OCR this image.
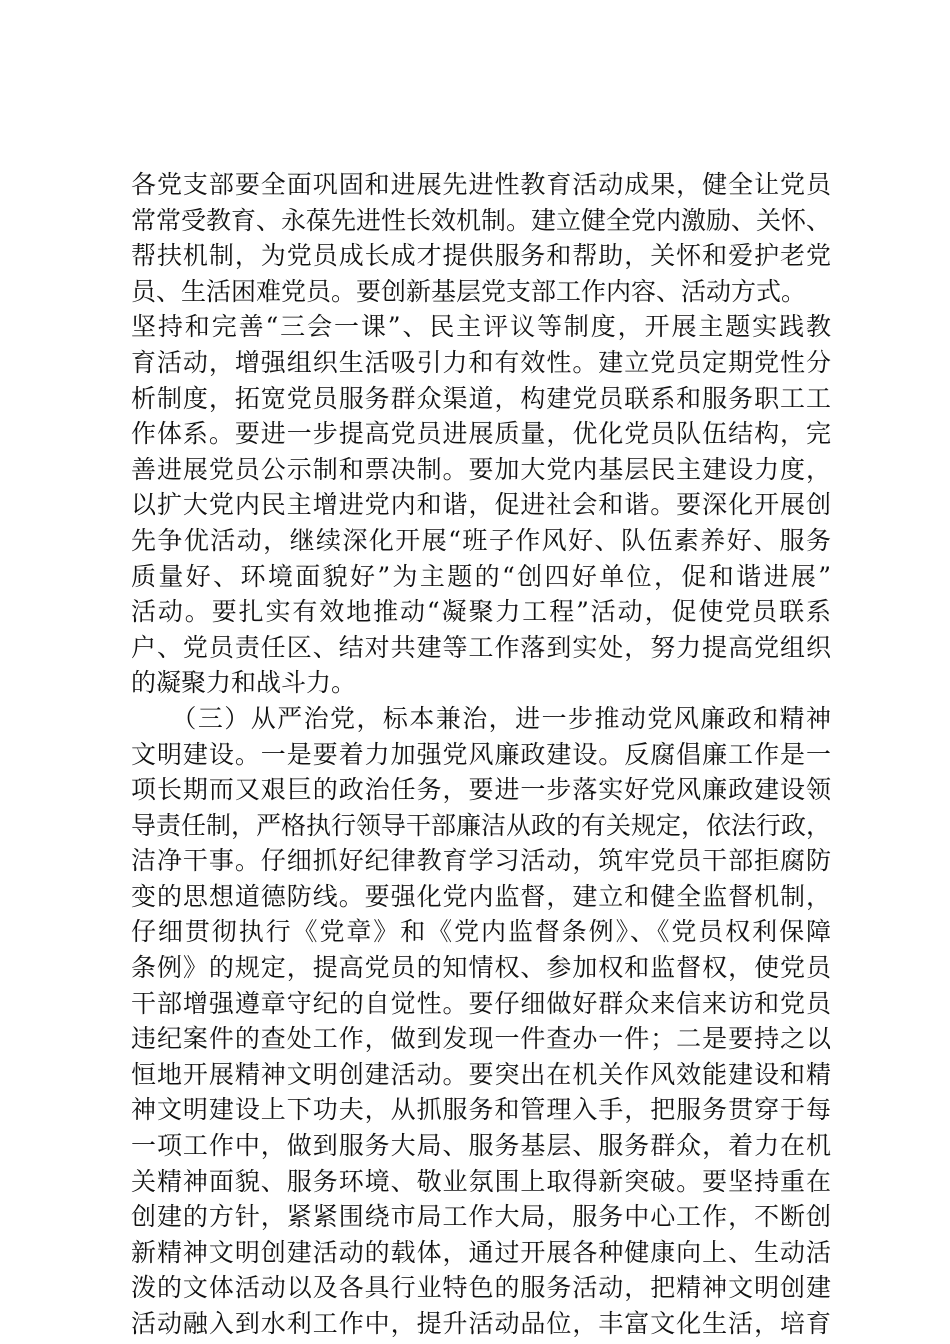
各党支部要全面巩固和进展先进性教育活动成果，健全让党员
常常受教育、永葆先进性长效机制。建立健全党内激励、关怀、
帮扶机制，为党员成长成才提供服务和帮助，关怀和爱护老党
员、生活困难党员。要创新基层党支部工作内容、活动方式。
坚持和完善“三会一课”、民主评议等制度，开展主题实践教
育活动，增强组织生活吸引力和有效性。建立党员定期党性分
析制度，拓宽党员服务群众渠道，构建党员联系和服务职工工
作体系。要进一步提高党员进展质量，优化党员队伍结构，完
善进展党员公示制和票决制。要加大党内基层民主建设力度，
以扩大党内民主增进党内和谐，促进社会和谐。要深化开展创
先争优活动，继续深化开展“班子作风好、队伍素养好、服务
质量好、环境面貌好”为主题的“创四好单位，促和谐进展”
活动。要扎实有效地推动“凝聚力工程”活动，促使党员联系
户、党员责任区、结对共建等工作落到实处，努力提高党组织
的凝聚力和战斗力。
　　（三）从严治党，标本兼治，进一步推动党风廉政和精神
文明建设。一是要着力加强党风廉政建设。反腐倡廉工作是一
项长期而又艰巨的政治任务，要进一步落实好党风廉政建设领
导责任制，严格执行领导干部廉洁从政的有关规定，依法行政，
洁净干事。仔细抓好纪律教育学习活动，筑牢党员干部拒腐防
变的思想道德防线。要强化党内监督，建立和健全监督机制，
仔细贯彻执行《党章》和《党内监督条例》、《党员权利保障
条例》的规定，提高党员的知情权、参加权和监督权，使党员
干部增强遵章守纪的自觉性。要仔细做好群众来信来访和党员
违纪案件的查处工作，做到发现一件查办一件；二是要持之以
恒地开展精神文明创建活动。要突出在机关作风效能建设和精
神文明建设上下功夫，从抓服务和管理入手，把服务贯穿于每
一项工作中，做到服务大局、服务基层、服务群众，着力在机
关精神面貌、服务环境、敬业氛围上取得新突破。要坚持重在
创建的方针，紧紧围绕市局工作大局，服务中心工作，不断创
新精神文明创建活动的载体，通过开展各种健康向上、生动活
泼的文体活动以及各具行业特色的服务活动，把精神文明创建
活动融入到水利工作中，提升活动品位，丰富文化生活，培育
